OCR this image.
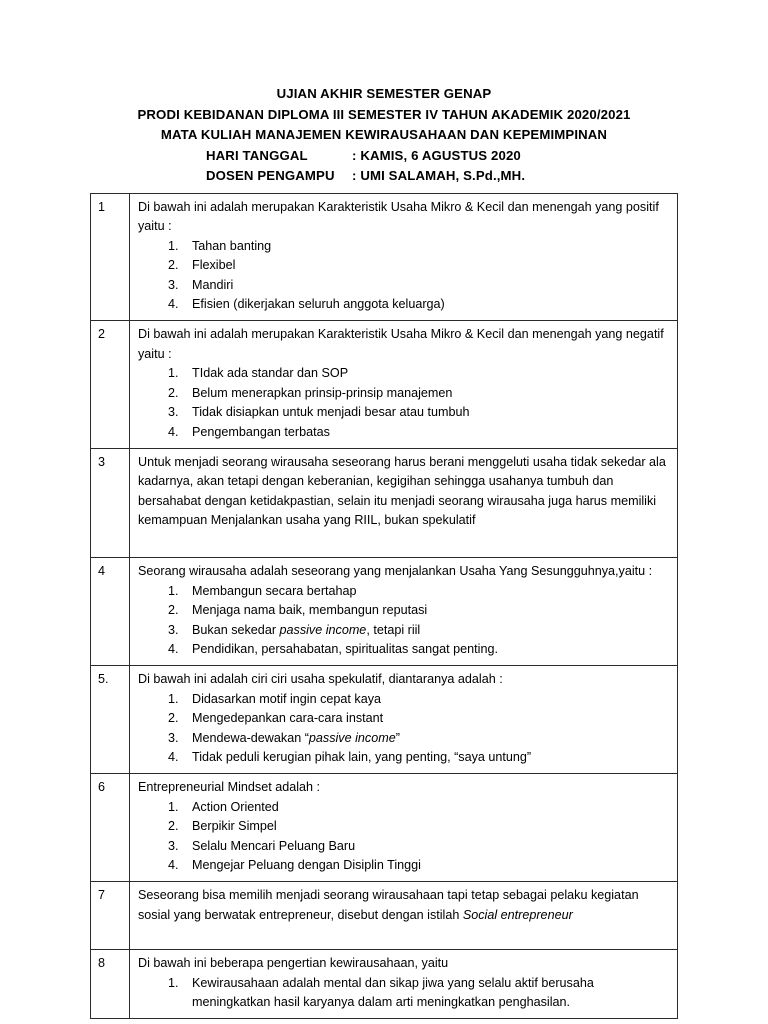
UJIAN AKHIR SEMESTER GENAP
PRODI KEBIDANAN DIPLOMA III SEMESTER IV TAHUN AKADEMIK 2020/2021
MATA KULIAH MANAJEMEN KEWIRAUSAHAAN DAN KEPEMIMPINAN
HARI TANGGAL	: KAMIS, 6 AGUSTUS 2020
DOSEN PENGAMPU	: UMI SALAMAH, S.Pd.,MH.
1	Di bawah ini adalah merupakan Karakteristik Usaha Mikro & Kecil dan menengah yang positif yaitu :

Tahan banting
Flexibel
Mandiri
Efisien (dikerjakan seluruh anggota keluarga)

2	Di bawah ini adalah merupakan Karakteristik Usaha Mikro & Kecil dan menengah yang negatif yaitu :

TIdak ada standar dan SOP
Belum menerapkan prinsip-prinsip manajemen
Tidak disiapkan untuk menjadi besar atau tumbuh
Pengembangan terbatas

3	Untuk menjadi seorang wirausaha seseorang harus berani menggeluti usaha tidak sekedar ala kadarnya, akan tetapi dengan keberanian, kegigihan sehingga usahanya tumbuh dan bersahabat dengan ketidakpastian, selain itu menjadi seorang wirausaha juga harus memiliki kemampuan Menjalankan usaha yang RIIL, bukan spekulatif

4	Seorang wirausaha adalah seseorang yang menjalankan Usaha Yang Sesungguhnya,yaitu :

Membangun secara bertahap
Menjaga nama baik, membangun reputasi
Bukan sekedar passive income, tetapi riil
Pendidikan, persahabatan, spiritualitas sangat penting.

5.	Di bawah ini adalah ciri ciri usaha spekulatif, diantaranya adalah :

Didasarkan motif ingin cepat kaya
Mengedepankan cara-cara instant
Mendewa-dewakan “passive income”
Tidak peduli kerugian pihak lain, yang penting, “saya untung”

6	Entrepreneurial Mindset adalah :

Action Oriented
Berpikir Simpel
Selalu Mencari Peluang Baru
Mengejar Peluang dengan Disiplin Tinggi

7	Seseorang bisa memilih menjadi seorang wirausahaan tapi tetap sebagai pelaku kegiatan sosial yang berwatak entrepreneur, disebut dengan istilah Social entrepreneur

8	Di bawah ini beberapa pengertian kewirausahaan, yaitu

Kewirausahaan adalah mental dan sikap jiwa yang selalu aktif berusaha meningkatkan hasil karyanya dalam arti meningkatkan penghasilan.
